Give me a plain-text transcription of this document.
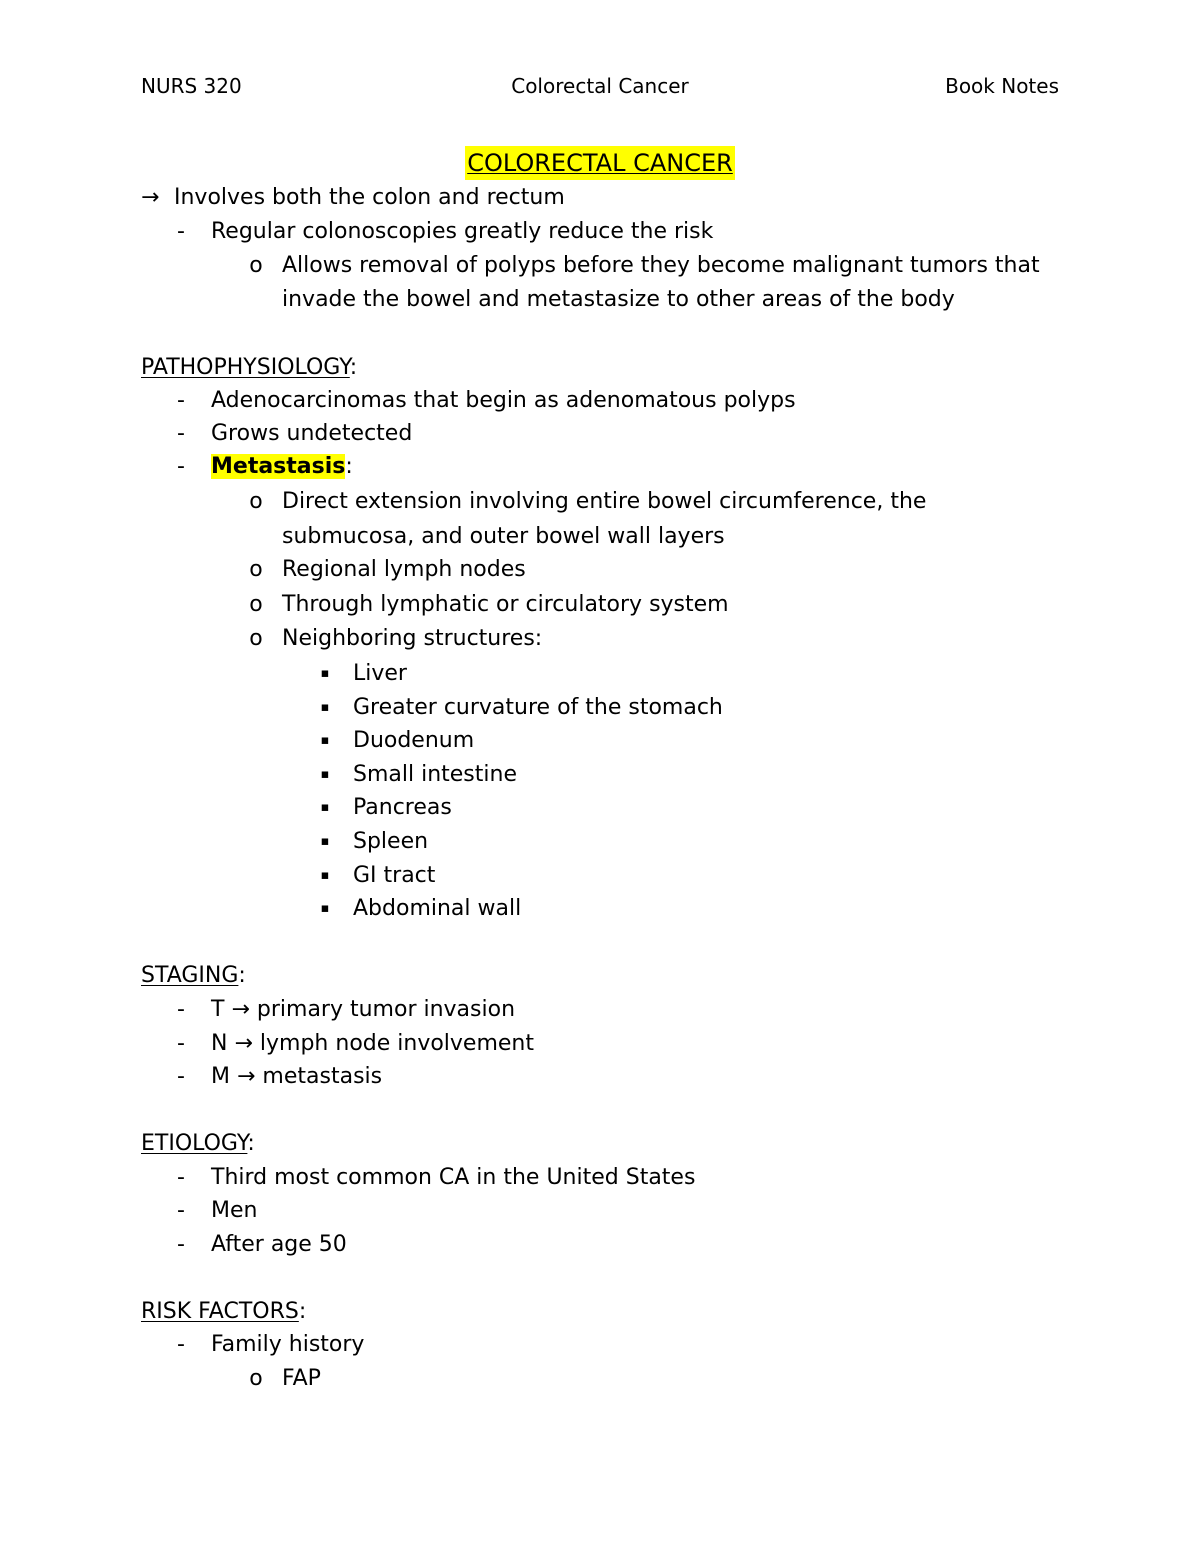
NURS 320	Colorectal Cancer	Book Notes
COLORECTAL CANCER
→ Involves both the colon and rectum
-	Regular colonoscopies greatly reduce the risk
o Allows removal of polyps before they become malignant tumors that
invade the bowel and metastasize to other areas of the body
PATHOPHYSIOLOGY:
-	Adenocarcinomas that begin as adenomatous polyps
-	Grows undetected
-	Metastasis:
o Direct extension involving entire bowel circumference, the
submucosa, and outer bowel wall layers
o Regional lymph nodes
o Through lymphatic or circulatory system
o Neighboring structures:
▪ Liver
▪ Greater curvature of the stomach
▪ Duodenum
▪ Small intestine
▪ Pancreas
▪ Spleen
▪ GI tract
▪ Abdominal wall
STAGING:
-	T → primary tumor invasion
-	N → lymph node involvement
-	M → metastasis
ETIOLOGY:
-	Third most common CA in the United States
-	Men
-	After age 50
RISK FACTORS:
-	Family history
o FAP
